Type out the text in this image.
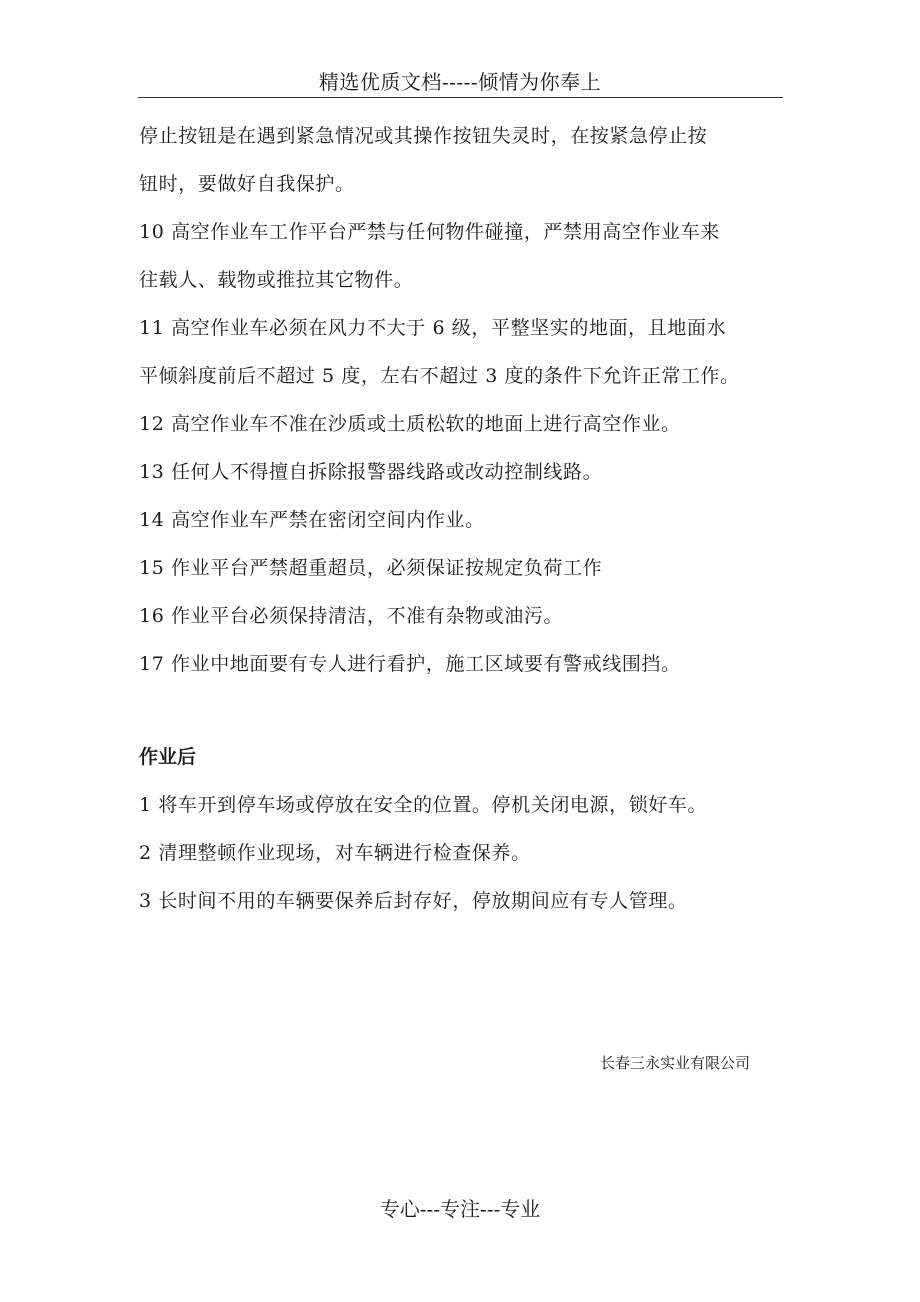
精选优质文档-----倾情为你奉上
停止按钮是在遇到紧急情况或其操作按钮失灵时，在按紧急停止按
钮时，要做好自我保护。
10 高空作业车工作平台严禁与任何物件碰撞，严禁用高空作业车来
往载人、载物或推拉其它物件。
11 高空作业车必须在风力不大于 6 级，平整坚实的地面，且地面水
平倾斜度前后不超过 5 度，左右不超过 3 度的条件下允许正常工作。
12 高空作业车不准在沙质或土质松软的地面上进行高空作业。
13 任何人不得擅自拆除报警器线路或改动控制线路。
14 高空作业车严禁在密闭空间内作业。
15 作业平台严禁超重超员，必须保证按规定负荷工作
16 作业平台必须保持清洁，不准有杂物或油污。
17 作业中地面要有专人进行看护，施工区域要有警戒线围挡。
作业后
1 将车开到停车场或停放在安全的位置。停机关闭电源，锁好车。
2 清理整顿作业现场，对车辆进行检查保养。
3 长时间不用的车辆要保养后封存好，停放期间应有专人管理。
长春三永实业有限公司
专心---专注---专业
